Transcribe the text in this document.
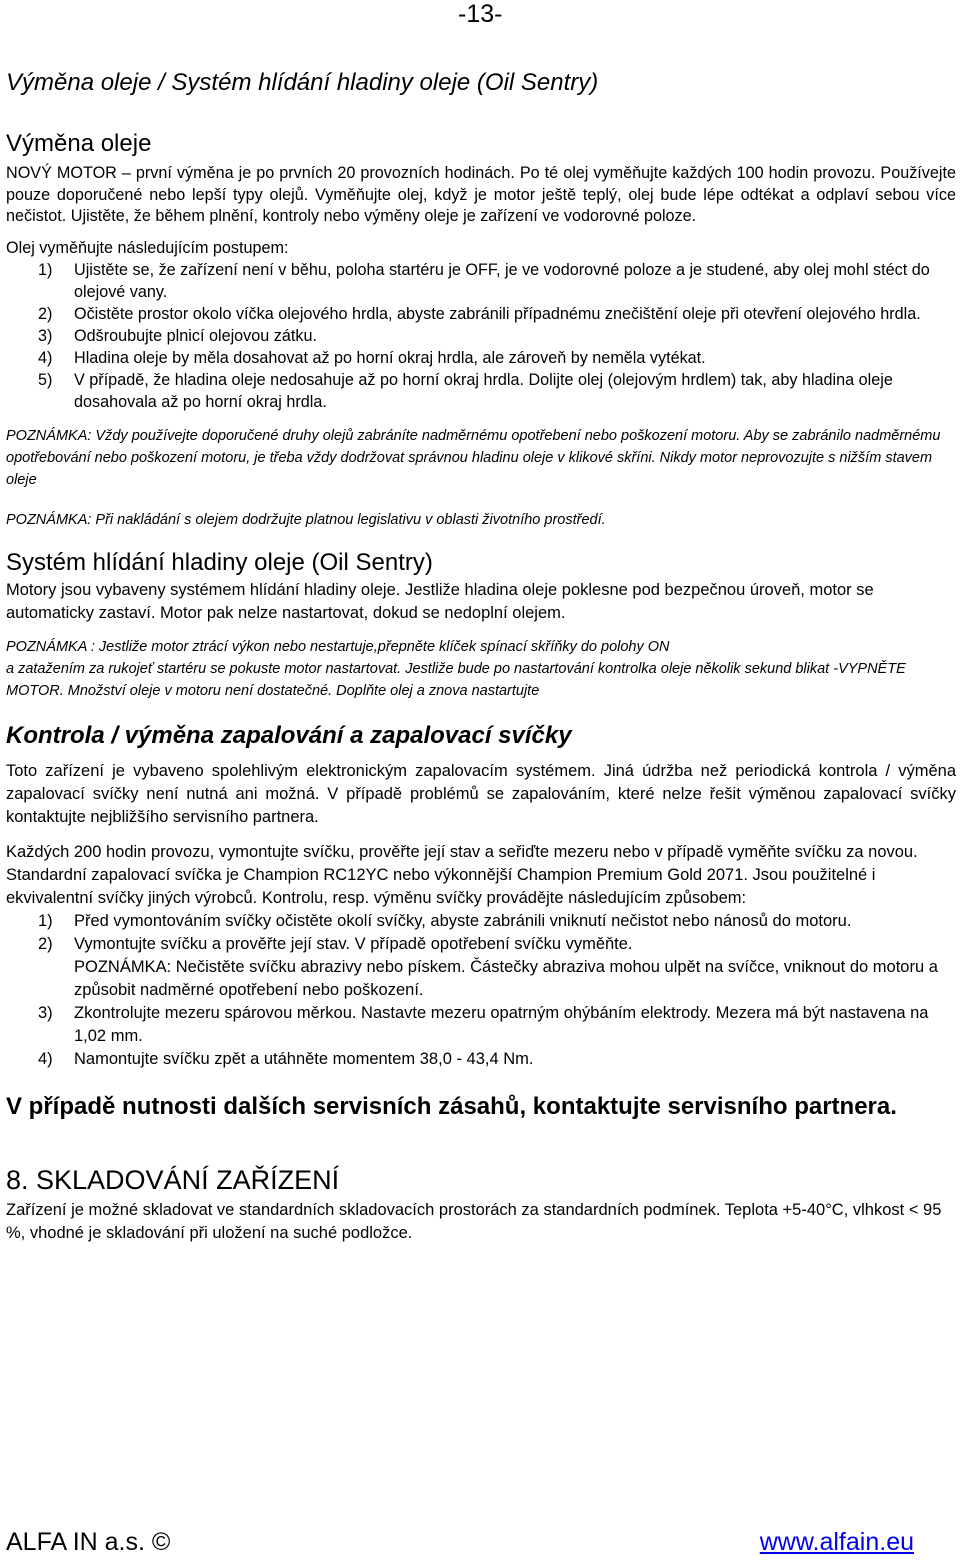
-13-
Výměna oleje / Systém hlídání hladiny oleje (Oil Sentry)
Výměna oleje

NOVÝ MOTOR – první výměna je po prvních 20 provozních hodinách. Po té olej vyměňujte každých 100 hodin provozu. Používejte pouze doporučené nebo lepší typy olejů. Vyměňujte olej, když je motor ještě teplý, olej bude lépe odtékat a odplaví sebou více nečistot. Ujistěte, že během plnění, kontroly nebo výměny oleje je zařízení ve vodorovné poloze.

Olej vyměňujte následujícím postupem:

1)	Ujistěte se, že zařízení není v běhu, poloha startéru je OFF, je ve vodorovné poloze a je studené, aby olej mohl stéct do olejové vany.
2)	Očistěte prostor okolo víčka olejového hrdla, abyste zabránili případnému znečištění oleje při otevření olejového hrdla.
3)	Odšroubujte plnicí olejovou zátku.
4)	Hladina oleje by měla dosahovat až po horní okraj hrdla, ale zároveň by neměla vytékat.
5)	V případě, že hladina oleje nedosahuje až po horní okraj hrdla. Dolijte olej (olejovým hrdlem) tak, aby hladina oleje dosahovala až po horní okraj hrdla.

POZNÁMKA: Vždy používejte doporučené druhy olejů zabráníte nadměrnému opotřebení nebo poškození motoru. Aby se zabránilo nadměrnému opotřebování nebo poškození motoru, je třeba vždy dodržovat správnou hladinu oleje v klikové skříni. Nikdy motor neprovozujte s nižším stavem oleje

POZNÁMKA: Při nakládání s olejem dodržujte platnou legislativu v oblasti životního prostředí.

Systém hlídání hladiny oleje (Oil Sentry)

Motory jsou vybaveny systémem hlídání hladiny oleje. Jestliže hladina oleje poklesne pod bezpečnou úroveň, motor se automaticky zastaví. Motor pak nelze nastartovat, dokud se nedoplní olejem.

POZNÁMKA : Jestliže motor ztrácí výkon nebo nestartuje,přepněte klíček spínací skříňky do polohy ON

a zatažením za rukojeť startéru se pokuste motor nastartovat. Jestliže bude po nastartování kontrolka oleje několik sekund blikat -VYPNĚTE MOTOR. Množství oleje v motoru není dostatečné. Doplňte olej a znova nastartujte

Kontrola / výměna zapalování a zapalovací svíčky

Toto zařízení je vybaveno spolehlivým elektronickým zapalovacím systémem. Jiná údržba než periodická kontrola / výměna zapalovací svíčky není nutná ani možná. V případě problémů se zapalováním, které nelze řešit výměnou zapalovací svíčky kontaktujte nejbližšího servisního partnera.

Každých 200 hodin provozu, vymontujte svíčku, prověřte její stav a seřiďte mezeru nebo v případě vyměňte svíčku za novou. Standardní zapalovací svíčka je Champion RC12YC nebo výkonnější Champion Premium Gold 2071. Jsou použitelné i ekvivalentní svíčky jiných výrobců. Kontrolu, resp. výměnu svíčky provádějte následujícím způsobem:

1)	Před vymontováním svíčky očistěte okolí svíčky, abyste zabránili vniknutí nečistot nebo nánosů do motoru.
2)	Vymontujte svíčku a prověřte její stav. V případě opotřebení svíčku vyměňte.
POZNÁMKA: Nečistěte svíčku abrazivy nebo pískem. Částečky abraziva mohou ulpět na svíčce, vniknout do motoru a způsobit nadměrné opotřebení nebo poškození.
3)	Zkontrolujte mezeru spárovou měrkou. Nastavte mezeru opatrným ohýbáním elektrody. Mezera má být nastavena na 1,02 mm.
4)	Namontujte svíčku zpět a utáhněte momentem 38,0 - 43,4 Nm.

V případě nutnosti dalších servisních zásahů, kontaktujte servisního partnera.

8. SKLADOVÁNÍ ZAŘÍZENÍ

Zařízení je možné skladovat ve standardních skladovacích prostorách za standardních podmínek. Teplota +5-40°C, vlhkost < 95 %, vhodné je skladování při uložení na suché podložce.

ALFA IN a.s. ©	www.alfain.eu
